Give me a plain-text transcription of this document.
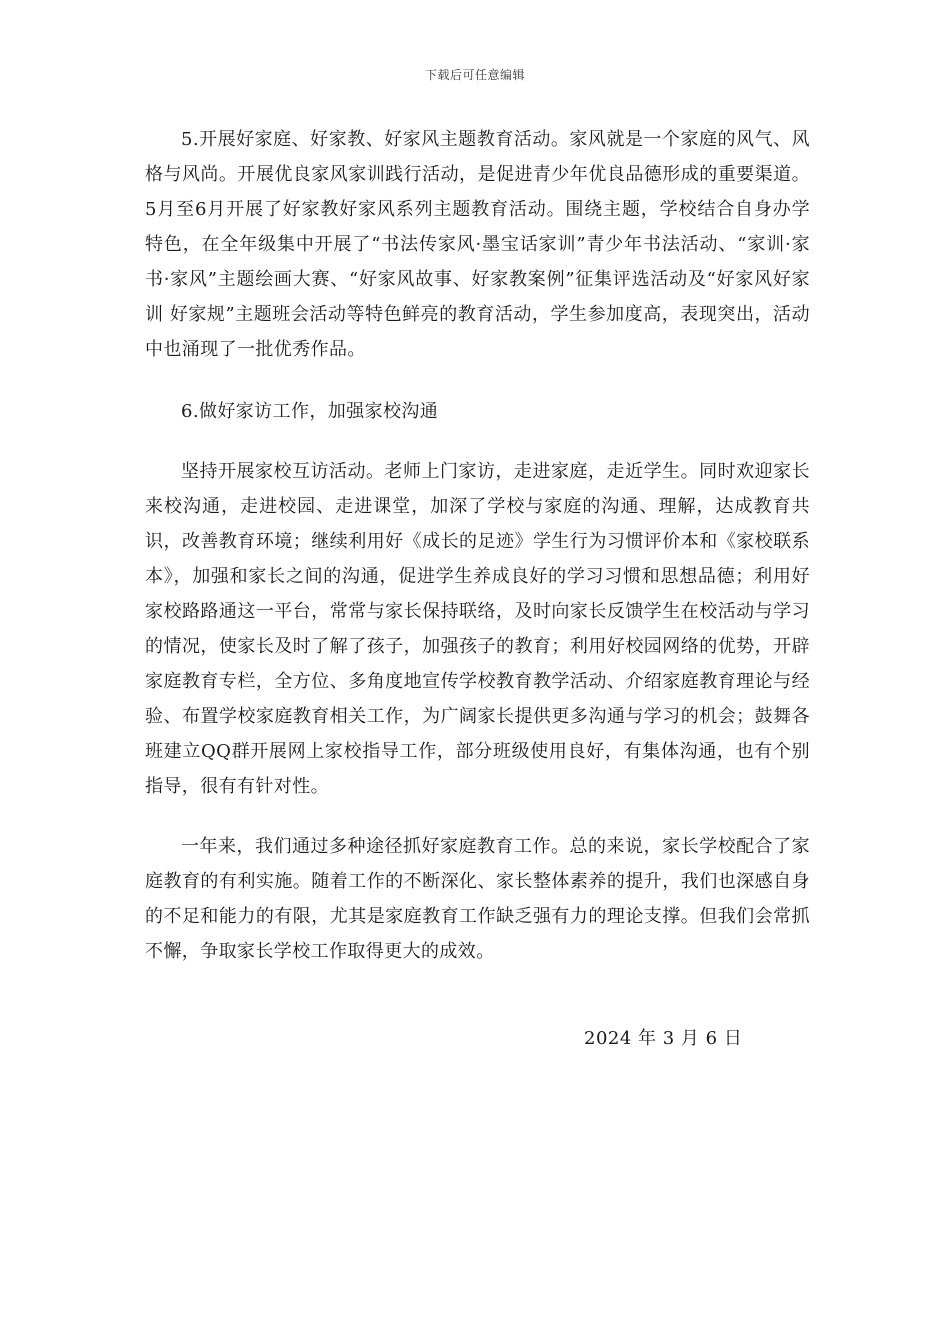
下载后可任意编辑

5.开展好家庭、好家教、好家风主题教育活动。家风就是一个家庭的风气、风格与风尚。开展优良家风家训践行活动，是促进青少年优良品德形成的重要渠道。5月至6月开展了好家教好家风系列主题教育活动。围绕主题，学校结合自身办学特色，在全年级集中开展了“书法传家风·墨宝话家训”青少年书法活动、“家训·家书·家风”主题绘画大赛、“好家风故事、好家教案例”征集评选活动及“好家风好家训 好家规”主题班会活动等特色鲜亮的教育活动，学生参加度高，表现突出，活动中也涌现了一批优秀作品。

6.做好家访工作，加强家校沟通

坚持开展家校互访活动。老师上门家访，走进家庭，走近学生。同时欢迎家长来校沟通，走进校园、走进课堂，加深了学校与家庭的沟通、理解，达成教育共识，改善教育环境；继续利用好《成长的足迹》学生行为习惯评价本和《家校联系本》，加强和家长之间的沟通，促进学生养成良好的学习习惯和思想品德；利用好家校路路通这一平台，常常与家长保持联络，及时向家长反馈学生在校活动与学习的情况，使家长及时了解了孩子，加强孩子的教育；利用好校园网络的优势，开辟家庭教育专栏，全方位、多角度地宣传学校教育教学活动、介绍家庭教育理论与经验、布置学校家庭教育相关工作，为广阔家长提供更多沟通与学习的机会；鼓舞各班建立QQ群开展网上家校指导工作，部分班级使用良好，有集体沟通，也有个别指导，很有有针对性。

一年来，我们通过多种途径抓好家庭教育工作。总的来说，家长学校配合了家庭教育的有利实施。随着工作的不断深化、家长整体素养的提升，我们也深感自身的不足和能力的有限，尤其是家庭教育工作缺乏强有力的理论支撑。但我们会常抓不懈，争取家长学校工作取得更大的成效。

2024 年 3 月 6 日
